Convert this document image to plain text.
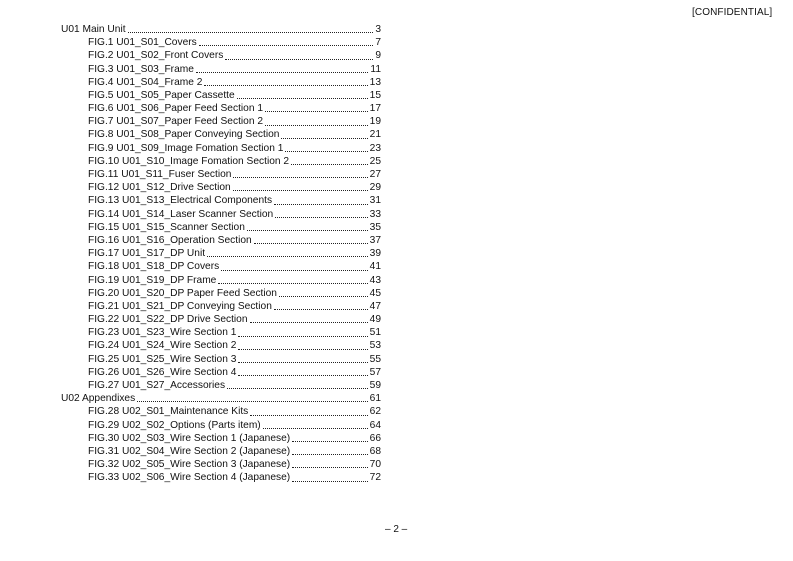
[CONFIDENTIAL]
U01 Main Unit	3
FIG.1 U01_S01_Covers	7
FIG.2 U01_S02_Front Covers	9
FIG.3 U01_S03_Frame	11
FIG.4 U01_S04_Frame 2	13
FIG.5 U01_S05_Paper Cassette	15
FIG.6 U01_S06_Paper Feed Section 1	17
FIG.7 U01_S07_Paper Feed Section 2	19
FIG.8 U01_S08_Paper Conveying Section	21
FIG.9 U01_S09_Image Fomation Section 1	23
FIG.10 U01_S10_Image Fomation Section 2	25
FIG.11 U01_S11_Fuser Section	27
FIG.12 U01_S12_Drive Section	29
FIG.13 U01_S13_Electrical Components	31
FIG.14 U01_S14_Laser Scanner Section	33
FIG.15 U01_S15_Scanner Section	35
FIG.16 U01_S16_Operation Section	37
FIG.17 U01_S17_DP Unit	39
FIG.18 U01_S18_DP Covers	41
FIG.19 U01_S19_DP Frame	43
FIG.20 U01_S20_DP Paper Feed Section	45
FIG.21 U01_S21_DP Conveying Section	47
FIG.22 U01_S22_DP Drive Section	49
FIG.23 U01_S23_Wire Section 1	51
FIG.24 U01_S24_Wire Section 2	53
FIG.25 U01_S25_Wire Section 3	55
FIG.26 U01_S26_Wire Section 4	57
FIG.27 U01_S27_Accessories	59
U02 Appendixes	61
FIG.28 U02_S01_Maintenance Kits	62
FIG.29 U02_S02_Options (Parts item)	64
FIG.30 U02_S03_Wire Section 1 (Japanese)	66
FIG.31 U02_S04_Wire Section 2 (Japanese)	68
FIG.32 U02_S05_Wire Section 3 (Japanese)	70
FIG.33 U02_S06_Wire Section 4 (Japanese)	72
– 2 –
